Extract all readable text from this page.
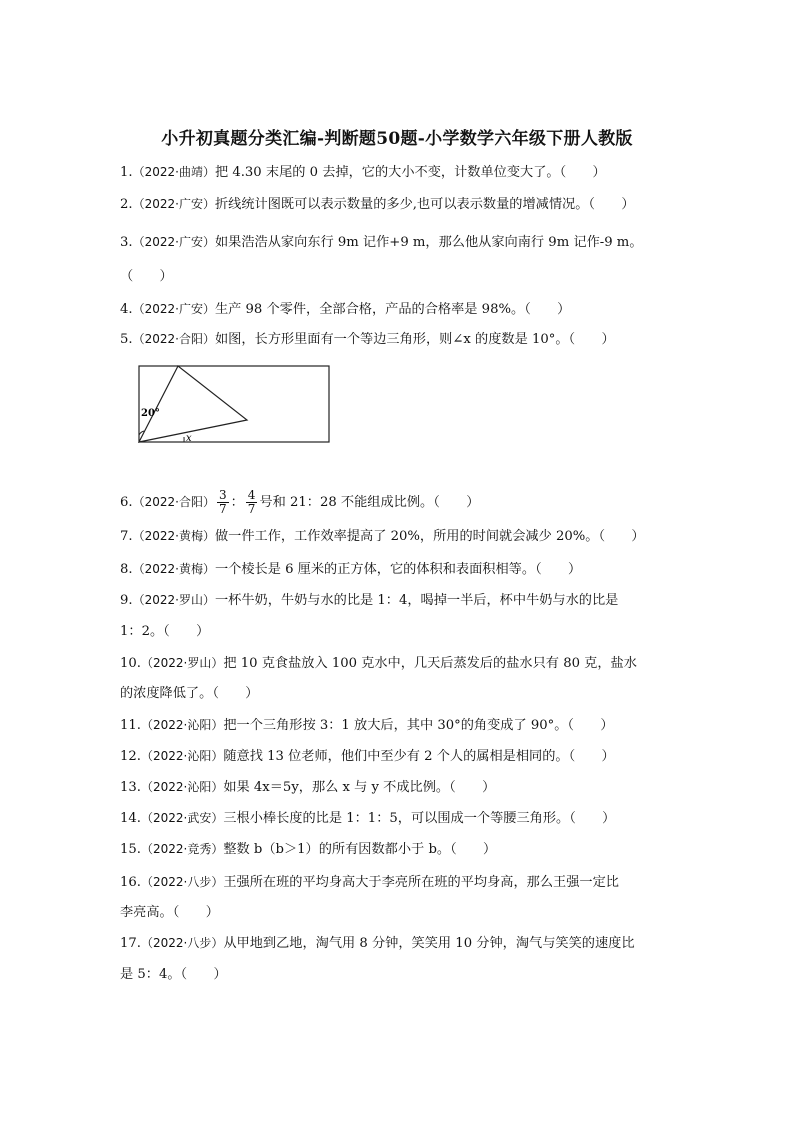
小升初真题分类汇编-判断题50题-小学数学六年级下册人教版
1.（2022·曲靖）把 4.30 末尾的 0 去掉，它的大小不变，计数单位变大了。（　　）
2.（2022·广安）折线统计图既可以表示数量的多少,也可以表示数量的增减情况。（　　）
3.（2022·广安）如果浩浩从家向东行 9m 记作+9 m，那么他从家向南行 9m 记作-9 m。
（　　）
4.（2022·广安）生产 98 个零件，全部合格，产品的合格率是 98%。（　　）
5.（2022·合阳）如图，长方形里面有一个等边三角形，则∠x 的度数是 10°。（　　）
20°
x
6.（2022·合阳） $\frac{3}{7}$ ： $\frac{4}{7}$ 号和 21：28 不能组成比例。（　　）
7.（2022·黄梅）做一件工作，工作效率提高了 20%，所用的时间就会减少 20%。（　　）
8.（2022·黄梅）一个棱长是 6 厘米的正方体，它的体积和表面积相等。（　　）
9.（2022·罗山）一杯牛奶，牛奶与水的比是 1：4，喝掉一半后，杯中牛奶与水的比是
1：2。（　　）
10.（2022·罗山）把 10 克食盐放入 100 克水中，几天后蒸发后的盐水只有 80 克，盐水
的浓度降低了。（　　）
11.（2022·沁阳）把一个三角形按 3：1 放大后，其中 30°的角变成了 90°。（　　）
12.（2022·沁阳）随意找 13 位老师，他们中至少有 2 个人的属相是相同的。（　　）
13.（2022·沁阳）如果 4x＝5y，那么 x 与 y 不成比例。（　　）
14.（2022·武安）三根小棒长度的比是 1：1：5，可以围成一个等腰三角形。（　　）
15.（2022·竞秀）整数 b（b＞1）的所有因数都小于 b。（　　）
16.（2022·八步）王强所在班的平均身高大于李亮所在班的平均身高，那么王强一定比
李亮高。（　　）
17.（2022·八步）从甲地到乙地，淘气用 8 分钟，笑笑用 10 分钟，淘气与笑笑的速度比
是 5：4。（　　）
